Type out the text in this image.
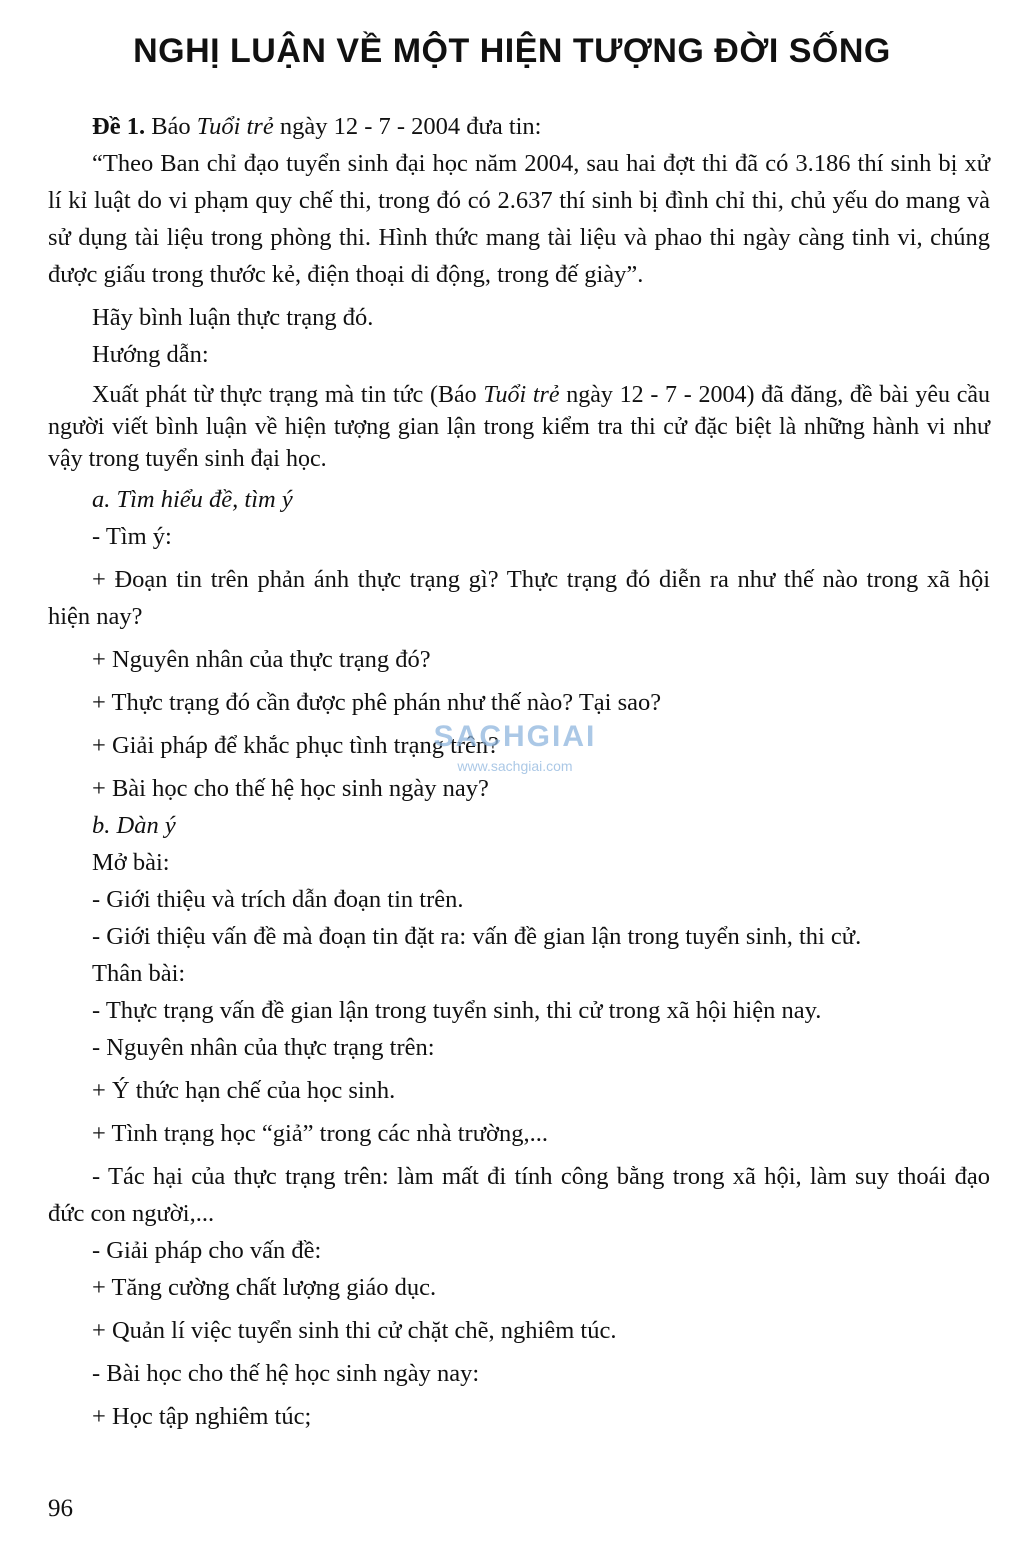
NGHỊ LUẬN VỀ MỘT HIỆN TƯỢNG ĐỜI SỐNG

Đề 1. Báo Tuổi trẻ ngày 12 - 7 - 2004 đưa tin:

“Theo Ban chỉ đạo tuyển sinh đại học năm 2004, sau hai đợt thi đã có 3.186 thí sinh bị xử lí kỉ luật do vi phạm quy chế thi, trong đó có 2.637 thí sinh bị đình chỉ thi, chủ yếu do mang và sử dụng tài liệu trong phòng thi. Hình thức mang tài liệu và phao thi ngày càng tinh vi, chúng được giấu trong thước kẻ, điện thoại di động, trong đế giày”.

Hãy bình luận thực trạng đó.

Hướng dẫn:

Xuất phát từ thực trạng mà tin tức (Báo Tuổi trẻ ngày 12 - 7 - 2004) đã đăng, đề bài yêu cầu người viết bình luận về hiện tượng gian lận trong kiểm tra thi cử đặc biệt là những hành vi như vậy trong tuyển sinh đại học.

a. Tìm hiểu đề, tìm ý

- Tìm ý:

+ Đoạn tin trên phản ánh thực trạng gì? Thực trạng đó diễn ra như thế nào trong xã hội hiện nay?

+ Nguyên nhân của thực trạng đó?

+ Thực trạng đó cần được phê phán như thế nào? Tại sao?

+ Giải pháp để khắc phục tình trạng trên?

+ Bài học cho thế hệ học sinh ngày nay?

b. Dàn ý

Mở bài:

- Giới thiệu và trích dẫn đoạn tin trên.

- Giới thiệu vấn đề mà đoạn tin đặt ra: vấn đề gian lận trong tuyển sinh, thi cử.

Thân bài:

- Thực trạng vấn đề gian lận trong tuyển sinh, thi cử trong xã hội hiện nay.

- Nguyên nhân của thực trạng trên:

+ Ý thức hạn chế của học sinh.

+ Tình trạng học “giả” trong các nhà trường,...

- Tác hại của thực trạng trên: làm mất đi tính công bằng trong xã hội, làm suy thoái đạo đức con người,...

- Giải pháp cho vấn đề:

+ Tăng cường chất lượng giáo dục.

+ Quản lí việc tuyển sinh thi cử chặt chẽ, nghiêm túc.

- Bài học cho thế hệ học sinh ngày nay:

+ Học tập nghiêm túc;

SACHGIAI
www.sachgiai.com
96
